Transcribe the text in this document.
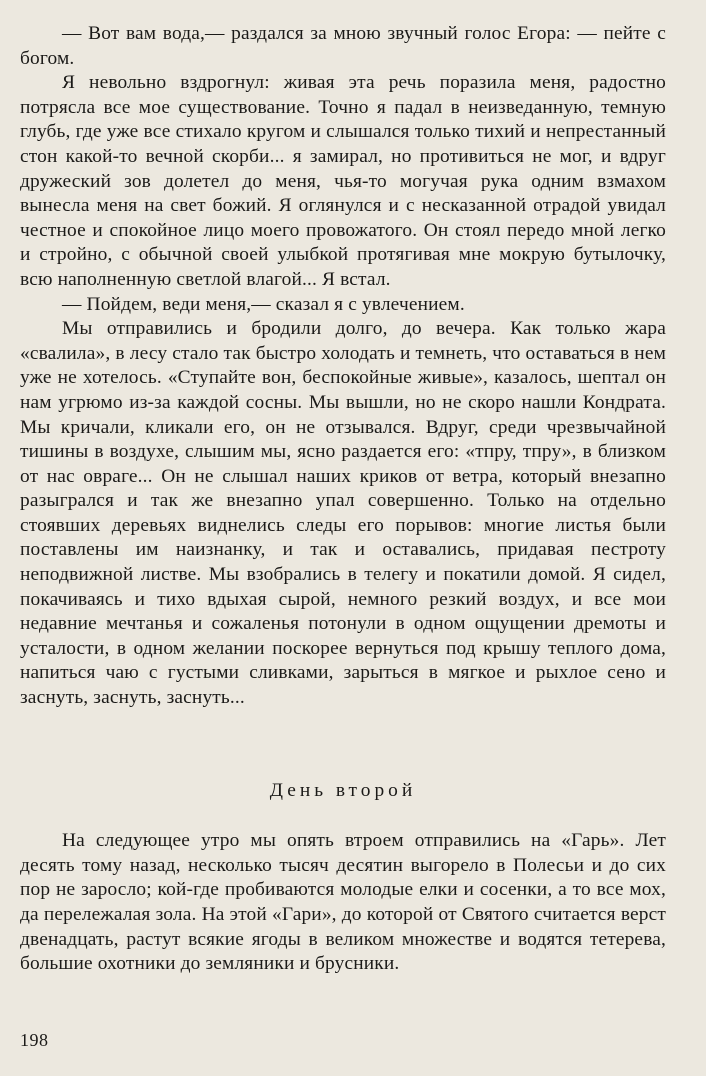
— Вот вам вода,— раздался за мною звучный голос Егора: — пейте с богом.

Я невольно вздрогнул: живая эта речь поразила меня, радостно потрясла все мое существование. Точно я падал в неизведанную, темную глубь, где уже все стихало кругом и слышался только тихий и непрестанный стон какой-то вечной скорби... я замирал, но противиться не мог, и вдруг дружеский зов долетел до меня, чья-то могучая рука одним взмахом вынесла меня на свет божий. Я оглянулся и с несказанной отрадой увидал честное и спокойное лицо моего провожатого. Он стоял передо мной легко и стройно, с обычной своей улыбкой протягивая мне мокрую бутылочку, всю наполненную светлой влагой... Я встал.

— Пойдем, веди меня,— сказал я с увлечением.

Мы отправились и бродили долго, до вечера. Как только жара «свалила», в лесу стало так быстро холодать и темнеть, что оставаться в нем уже не хотелось. «Ступайте вон, беспокойные живые», казалось, шептал он нам угрюмо из-за каждой сосны. Мы вышли, но не скоро нашли Кондрата. Мы кричали, кликали его, он не отзывался. Вдруг, среди чрезвычайной тишины в воздухе, слышим мы, ясно раздается его: «тпру, тпру», в близком от нас овраге... Он не слышал наших криков от ветра, который внезапно разыгрался и так же внезапно упал совершенно. Только на отдельно стоявших деревьях виднелись следы его порывов: многие листья были поставлены им наизнанку, и так и оставались, придавая пестроту неподвижной листве. Мы взобрались в телегу и покатили домой. Я сидел, покачиваясь и тихо вдыхая сырой, немного резкий воздух, и все мои недавние мечтанья и сожаленья потонули в одном ощущении дремоты и усталости, в одном желании поскорее вернуться под крышу теплого дома, напиться чаю с густыми сливками, зарыться в мягкое и рыхлое сено и заснуть, заснуть, заснуть...

День второй

На следующее утро мы опять втроем отправились на «Гарь». Лет десять тому назад, несколько тысяч десятин выгорело в Полесьи и до сих пор не заросло; кой-где пробиваются молодые елки и сосенки, а то все мох, да перележалая зола. На этой «Гари», до которой от Святого считается верст двенадцать, растут всякие ягоды в великом множестве и водятся тетерева, большие охотники до земляники и брусники.

198
